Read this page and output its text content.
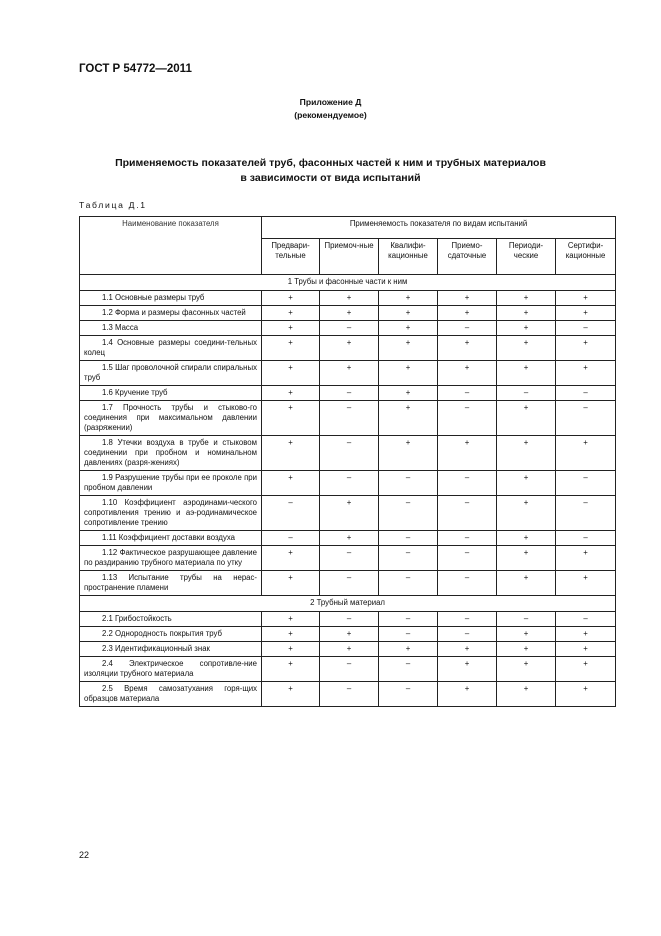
ГОСТ Р 54772—2011
Приложение Д
(рекомендуемое)
Применяемость показателей труб, фасонных частей к ним и трубных материалов
в зависимости от вида испытаний
Таблица Д.1
Наименование показателя	Применяемость показателя по видам испытаний					
	Предвари-тельные	Приемоч-ные	Квалифи-кационные	Приемо-сдаточные	Периоди-ческие	Сертифи-кационные
1 Трубы и фасонные части к ним						
1.1 Основные размеры труб	+	+	+	+	+	+
1.2 Форма и размеры фасонных частей	+	+	+	+	+	+
1.3 Масса	+	–	+	–	+	–
1.4 Основные размеры соедини-тельных колец	+	+	+	+	+	+
1.5 Шаг проволочной спирали спиральных труб	+	+	+	+	+	+
1.6 Кручение труб	+	–	+	–	–	–
1.7 Прочность трубы и стыково-го соединения при максимальном давлении (разряжении)	+	–	+	–	+	–
1.8 Утечки воздуха в трубе и стыковом соединении при пробном и номинальном давлениях (разря-жениях)	+	–	+	+	+	+
1.9 Разрушение трубы при ее проколе при пробном давлении	+	–	–	–	+	–
1.10 Коэффициент аэродинами-ческого сопротивления трению и аэ-родинамическое сопротивление трению	–	+	–	–	+	–
1.11 Коэффициент доставки воздуха	–	+	–	–	+	–
1.12 Фактическое разрушающее давление по раздиранию трубного материала по утку	+	–	–	–	+	+
1.13 Испытание трубы на нерас-пространение пламени	+	–	–	–	+	+
2 Трубный материал						
2.1 Грибостойкость	+	–	–	–	–	–
2.2 Однородность покрытия труб	+	+	–	–	+	+
2.3 Идентификационный знак	+	+	+	+	+	+
2.4 Электрическое сопротивле-ние изоляции трубного материала	+	–	–	+	+	+
2.5 Время самозатухания горя-щих образцов материала	+	–	–	+	+	+
22
